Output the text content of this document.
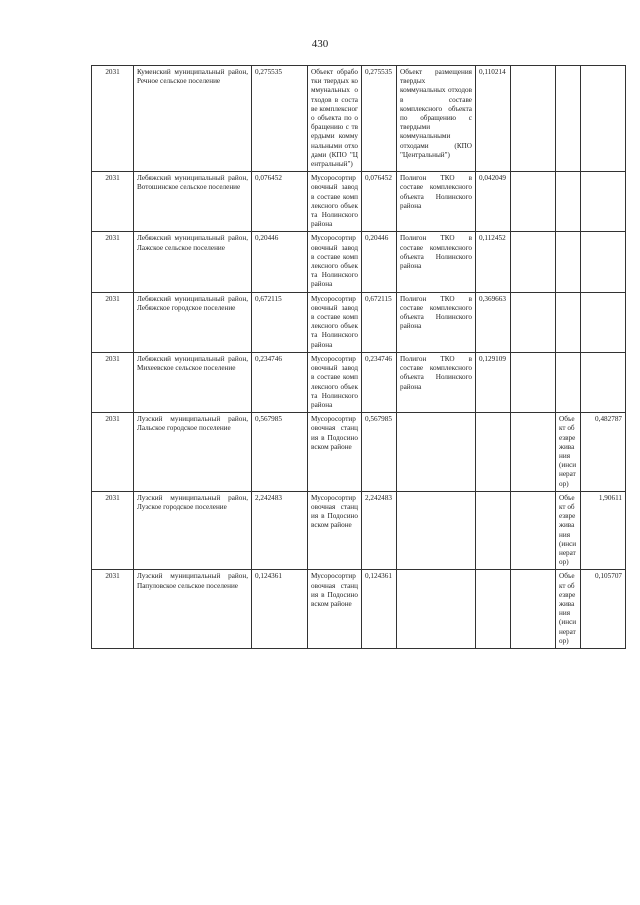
430
2031	Куменский муниципальный район, Речное сельское поселение	0,275535	Объект обработки твердых коммунальных отходов в составе комплексного объекта по обращению с твердыми коммунальными отходами (КПО "Центральный")	0,275535	Объект размещения твердых коммунальных отходов в составе комплексного объекта по обращению с твердыми коммунальными отходами (КПО "Центральный")	0,110214			
2031	Лебяжский муниципальный район, Вотошинское сельское поселение	0,076452	Мусоросортировочный завод в составе комплексного объекта Нолинского района	0,076452	Полигон ТКО в составе комплексного объекта Нолинского района	0,042049			
2031	Лебяжский муниципальный район, Лажское сельское поселение	0,20446	Мусоросортировочный завод в составе комплексного объекта Нолинского района	0,20446	Полигон ТКО в составе комплексного объекта Нолинского района	0,112452			
2031	Лебяжский муниципальный район, Лебяжское городское поселение	0,672115	Мусоросортировочный завод в составе комплексного объекта Нолинского района	0,672115	Полигон ТКО в составе комплексного объекта Нолинского района	0,369663			
2031	Лебяжский муниципальный район, Михеевское сельское поселение	0,234746	Мусоросортировочный завод в составе комплексного объекта Нолинского района	0,234746	Полигон ТКО в составе комплексного объекта Нолинского района	0,129109			
2031	Лузский муниципальный район, Лальское городское поселение	0,567985	Мусоросортировочная станция в Подосиновском районе	0,567985				Объект обезвреживания (инсинератор)	0,482787
2031	Лузский муниципальный район, Лузское городское поселение	2,242483	Мусоросортировочная станция в Подосиновском районе	2,242483				Объект обезвреживания (инсинератор)	1,90611
2031	Лузский муниципальный район, Папуловское сельское поселение	0,124361	Мусоросортировочная станция в Подосиновском районе	0,124361				Объект обезвреживания (инсинератор)	0,105707
